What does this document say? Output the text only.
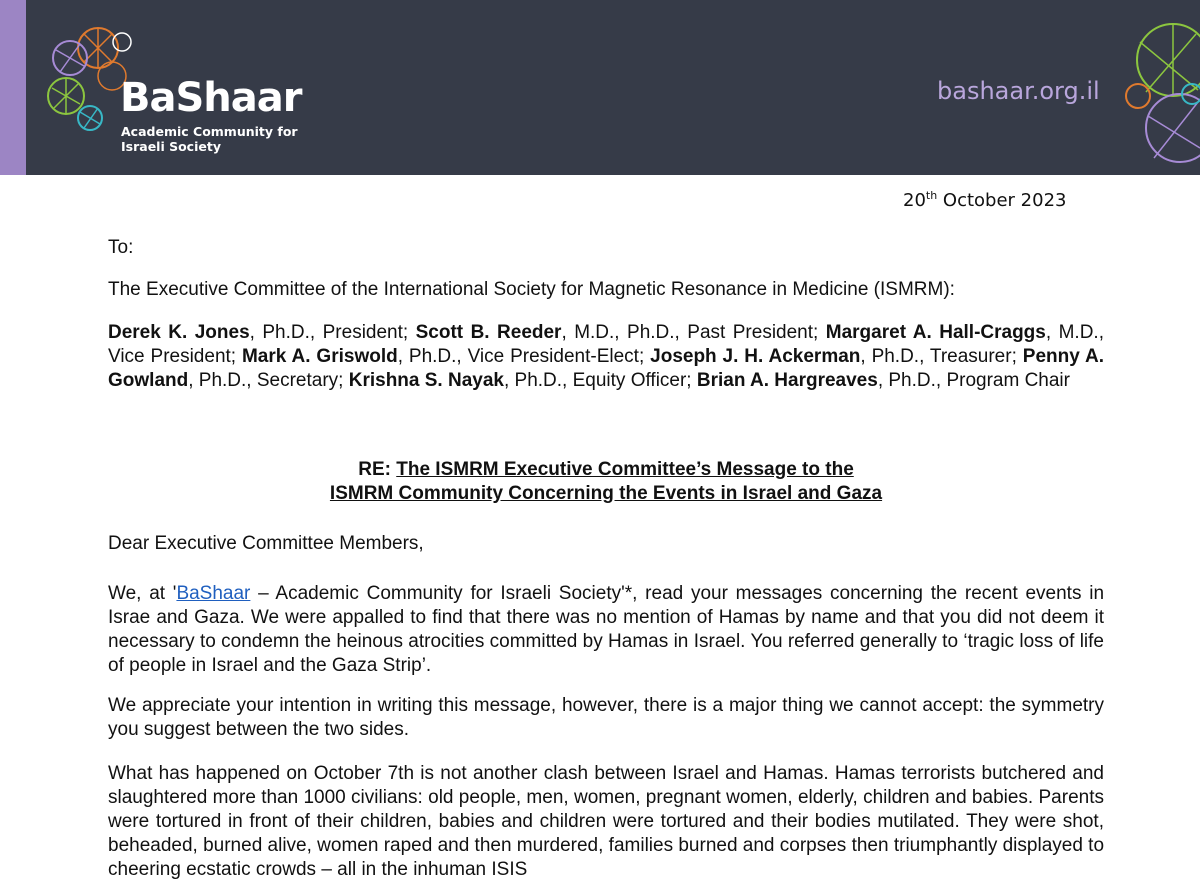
BaShaar
Academic Community for
Israeli Society
bashaar.org.il
20th October 2023

To:

The Executive Committee of the International Society for Magnetic Resonance in Medicine (ISMRM):

Derek K. Jones, Ph.D., President; Scott B. Reeder, M.D., Ph.D., Past President; Margaret A. Hall-Craggs, M.D., Vice President; Mark A. Griswold, Ph.D., Vice President-Elect; Joseph J. H. Ackerman, Ph.D., Treasurer; Penny A. Gowland, Ph.D., Secretary; Krishna S. Nayak, Ph.D., Equity Officer; Brian A. Hargreaves, Ph.D., Program Chair

RE: The ISMRM Executive Committee’s Message to the
ISMRM Community Concerning the Events in Israel and Gaza

Dear Executive Committee Members,

We, at 'BaShaar – Academic Community for Israeli Society'*, read your messages concerning the recent events in Israe and Gaza. We were appalled to find that there was no mention of Hamas by name and that you did not deem it necessary to condemn the heinous atrocities committed by Hamas in Israel. You referred generally to ‘tragic loss of life of people in Israel and the Gaza Strip’.

We appreciate your intention in writing this message, however, there is a major thing we cannot accept: the symmetry you suggest between the two sides.

What has happened on October 7th is not another clash between Israel and Hamas. Hamas terrorists butchered and slaughtered more than 1000 civilians: old people, men, women, pregnant women, elderly, children and babies. Parents were tortured in front of their children, babies and children were tortured and their bodies mutilated. They were shot, beheaded, burned alive, women raped and then murdered, families burned and corpses then triumphantly displayed to cheering ecstatic crowds – all in the inhuman ISIS
